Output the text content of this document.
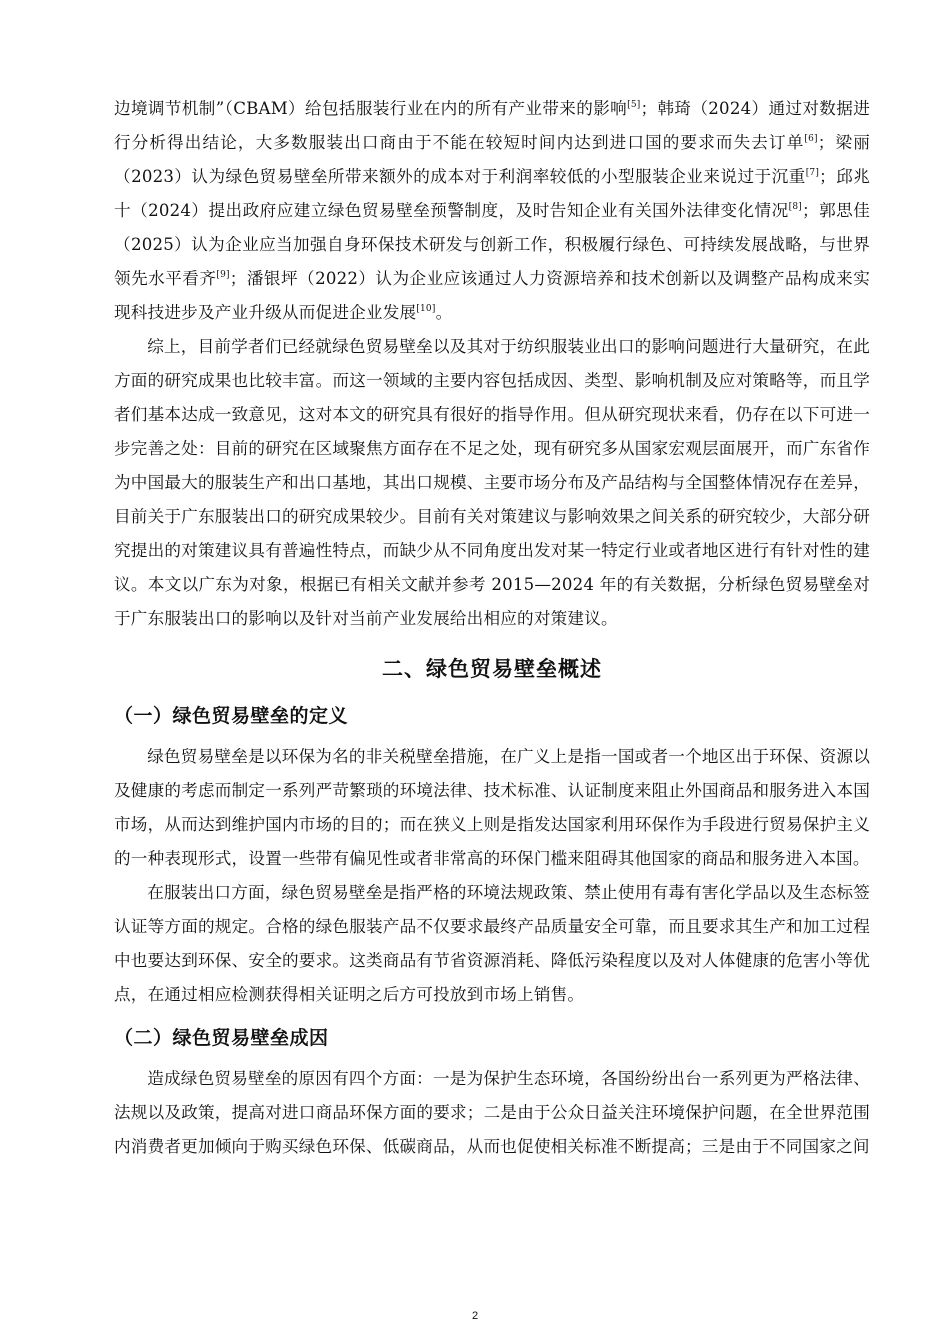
边境调节机制”（CBAM）给包括服装行业在内的所有产业带来的影响[5]；韩琦（2024）通过对数据进行分析得出结论，大多数服装出口商由于不能在较短时间内达到进口国的要求而失去订单[6]；梁丽（2023）认为绿色贸易壁垒所带来额外的成本对于利润率较低的小型服装企业来说过于沉重[7]；邱兆十（2024）提出政府应建立绿色贸易壁垒预警制度，及时告知企业有关国外法律变化情况[8]；郭思佳（2025）认为企业应当加强自身环保技术研发与创新工作，积极履行绿色、可持续发展战略，与世界领先水平看齐[9]；潘银坪（2022）认为企业应该通过人力资源培养和技术创新以及调整产品构成来实现科技进步及产业升级从而促进企业发展[10]。

综上，目前学者们已经就绿色贸易壁垒以及其对于纺织服装业出口的影响问题进行大量研究，在此方面的研究成果也比较丰富。而这一领域的主要内容包括成因、类型、影响机制及应对策略等，而且学者们基本达成一致意见，这对本文的研究具有很好的指导作用。但从研究现状来看，仍存在以下可进一步完善之处：目前的研究在区域聚焦方面存在不足之处，现有研究多从国家宏观层面展开，而广东省作为中国最大的服装生产和出口基地，其出口规模、主要市场分布及产品结构与全国整体情况存在差异，目前关于广东服装出口的研究成果较少。目前有关对策建议与影响效果之间关系的研究较少，大部分研究提出的对策建议具有普遍性特点，而缺少从不同角度出发对某一特定行业或者地区进行有针对性的建议。本文以广东为对象，根据已有相关文献并参考 2015—2024 年的有关数据，分析绿色贸易壁垒对于广东服装出口的影响以及针对当前产业发展给出相应的对策建议。

二、绿色贸易壁垒概述
（一）绿色贸易壁垒的定义

绿色贸易壁垒是以环保为名的非关税壁垒措施，在广义上是指一国或者一个地区出于环保、资源以及健康的考虑而制定一系列严苛繁琐的环境法律、技术标准、认证制度来阻止外国商品和服务进入本国市场，从而达到维护国内市场的目的；而在狭义上则是指发达国家利用环保作为手段进行贸易保护主义的一种表现形式，设置一些带有偏见性或者非常高的环保门槛来阻碍其他国家的商品和服务进入本国。

在服装出口方面，绿色贸易壁垒是指严格的环境法规政策、禁止使用有毒有害化学品以及生态标签认证等方面的规定。合格的绿色服装产品不仅要求最终产品质量安全可靠，而且要求其生产和加工过程中也要达到环保、安全的要求。这类商品有节省资源消耗、降低污染程度以及对人体健康的危害小等优点，在通过相应检测获得相关证明之后方可投放到市场上销售。

（二）绿色贸易壁垒成因

造成绿色贸易壁垒的原因有四个方面：一是为保护生态环境，各国纷纷出台一系列更为严格法律、法规以及政策，提高对进口商品环保方面的要求；二是由于公众日益关注环境保护问题，在全世界范围内消费者更加倾向于购买绿色环保、低碳商品，从而也促使相关标准不断提高；三是由于不同国家之间

2
